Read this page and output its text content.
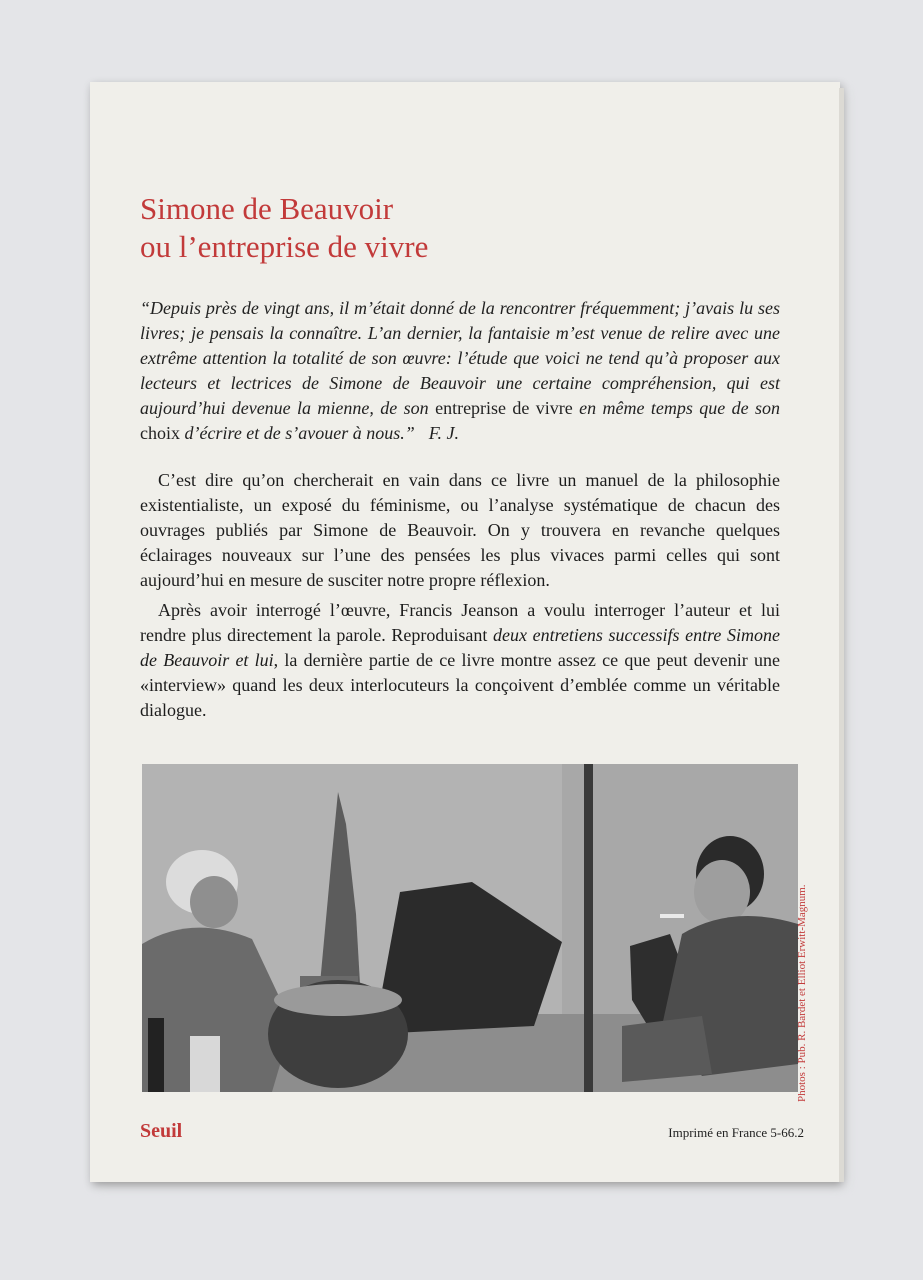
Simone de Beauvoir
ou l’entreprise de vivre
“Depuis près de vingt ans, il m’était donné de la rencontrer fréquemment; j’avais lu ses livres; je pensais la connaître. L’an dernier, la fantaisie m’est venue de relire avec une extrême attention la totalité de son œuvre: l’étude que voici ne tend qu’à proposer aux lecteurs et lectrices de Simone de Beauvoir une certaine compréhension, qui est aujourd’hui devenue la mienne, de son entreprise de vivre en même temps que de son choix d’écrire et de s’avouer à nous.” F. J.

C’est dire qu’on chercherait en vain dans ce livre un manuel de la philosophie existentialiste, un exposé du féminisme, ou l’analyse systématique de chacun des ouvrages publiés par Simone de Beauvoir. On y trouvera en revanche quelques éclairages nouveaux sur l’une des pensées les plus vivaces parmi celles qui sont aujourd’hui en mesure de susciter notre propre réflexion.

Après avoir interrogé l’œuvre, Francis Jeanson a voulu interroger l’auteur et lui rendre plus directement la parole. Reproduisant deux entretiens successifs entre Simone de Beauvoir et lui, la dernière partie de ce livre montre assez ce que peut devenir une «interview» quand les deux interlocuteurs la conçoivent d’emblée comme un véritable dialogue.

Photos : Pub. R. Bardet et Elliot Erwitt-Magnum.
Seuil	Imprimé en France 5-66.2
